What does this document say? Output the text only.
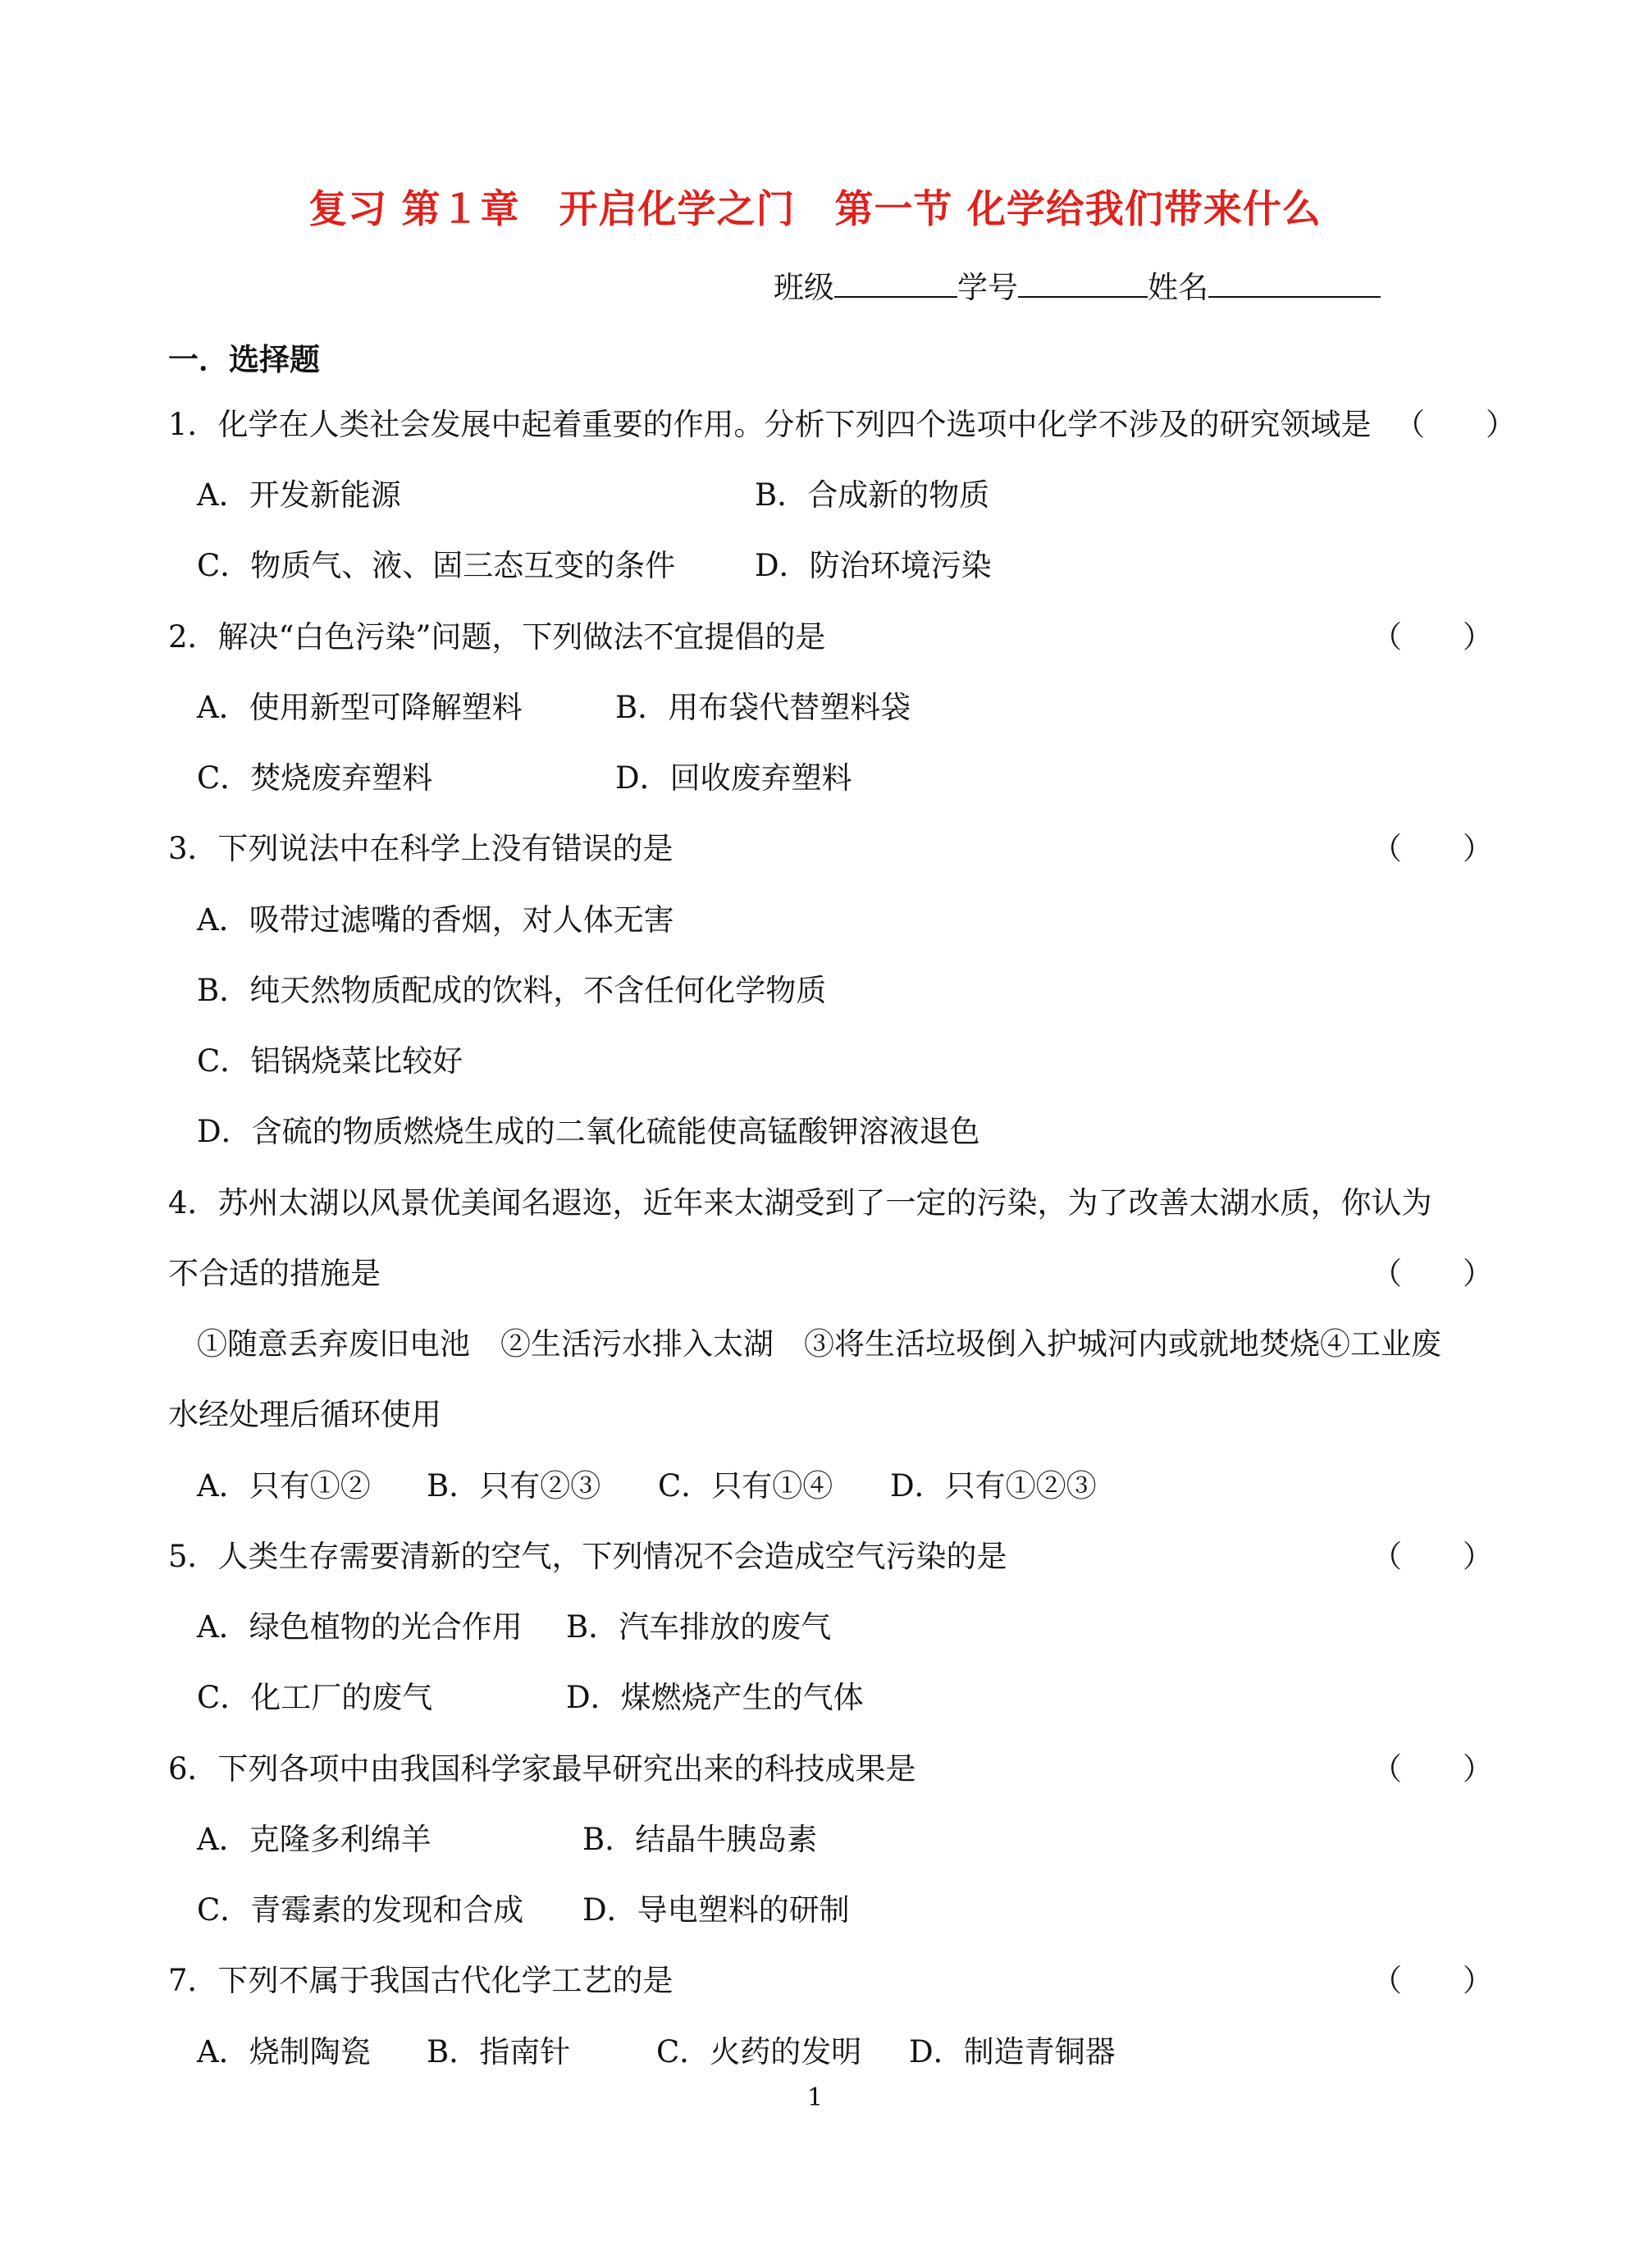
复习 第１章　开启化学之门　第一节 化学给我们带来什么
班级	学号	姓名
一．选择题
1．化学在人类社会发展中起着重要的作用。分析下列四个选项中化学不涉及的研究领域是 （　　）
A．开发新能源	B．合成新的物质
C．物质气、液、固三态互变的条件	D．防治环境污染
2．解决“白色污染”问题，下列做法不宜提倡的是	（　　）
A．使用新型可降解塑料	B．用布袋代替塑料袋
C．焚烧废弃塑料	D．回收废弃塑料
3．下列说法中在科学上没有错误的是	（　　）
A．吸带过滤嘴的香烟，对人体无害
B．纯天然物质配成的饮料，不含任何化学物质
C．铝锅烧菜比较好
D．含硫的物质燃烧生成的二氧化硫能使高锰酸钾溶液退色
4．苏州太湖以风景优美闻名遐迩，近年来太湖受到了一定的污染，为了改善太湖水质，你认为
不合适的措施是	（　　）
①随意丢弃废旧电池　②生活污水排入太湖　③将生活垃圾倒入护城河内或就地焚烧④工业废
水经处理后循环使用
A．只有①② B．只有②③ C．只有①④ D．只有①②③
5．人类生存需要清新的空气，下列情况不会造成空气污染的是	（　　）
A．绿色植物的光合作用 B．汽车排放的废气
C．化工厂的废气	D．煤燃烧产生的气体
6．下列各项中由我国科学家最早研究出来的科技成果是	（　　）
A．克隆多利绵羊	B．结晶牛胰岛素
C．青霉素的发现和合成 D．导电塑料的研制
7．下列不属于我国古代化学工艺的是	（　　）
A．烧制陶瓷 B．指南针	C．火药的发明 D．制造青铜器
1
